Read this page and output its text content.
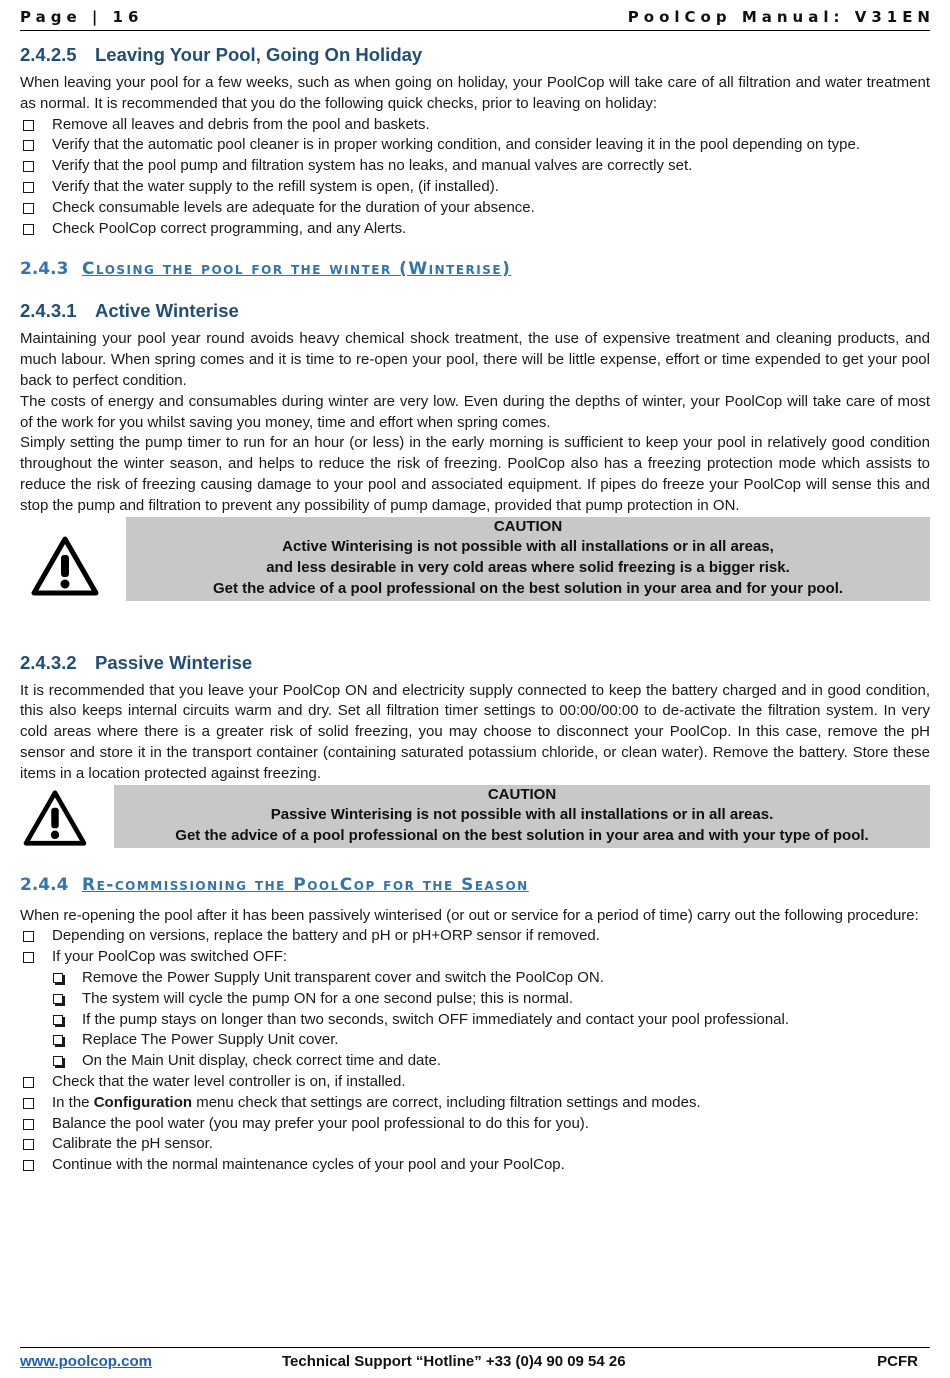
Page | 16	PoolCop Manual: V31EN
2.4.2.5 Leaving Your Pool, Going On Holiday

When leaving your pool for a few weeks, such as when going on holiday, your PoolCop will take care of all filtration and water treatment as normal. It is recommended that you do the following quick checks, prior to leaving on holiday:

Remove all leaves and debris from the pool and baskets.
Verify that the automatic pool cleaner is in proper working condition, and consider leaving it in the pool depending on type.
Verify that the pool pump and filtration system has no leaks, and manual valves are correctly set.
Verify that the water supply to the refill system is open, (if installed).
Check consumable levels are adequate for the duration of your absence.
Check PoolCop correct programming, and any Alerts.
2.4.3 Closing the pool for the winter (Winterise)
2.4.3.1 Active Winterise

Maintaining your pool year round avoids heavy chemical shock treatment, the use of expensive treatment and cleaning products, and much labour. When spring comes and it is time to re-open your pool, there will be little expense, effort or time expended to get your pool back to perfect condition.

The costs of energy and consumables during winter are very low. Even during the depths of winter, your PoolCop will take care of most of the work for you whilst saving you money, time and effort when spring comes.

Simply setting the pump timer to run for an hour (or less) in the early morning is sufficient to keep your pool in relatively good condition throughout the winter season, and helps to reduce the risk of freezing. PoolCop also has a freezing protection mode which assists to reduce the risk of freezing causing damage to your pool and associated equipment. If pipes do freeze your PoolCop will sense this and stop the pump and filtration to prevent any possibility of pump damage, provided that pump protection in ON.

CAUTION
Active Winterising is not possible with all installations or in all areas,
and less desirable in very cold areas where solid freezing is a bigger risk.
Get the advice of a pool professional on the best solution in your area and for your pool.
2.4.3.2 Passive Winterise

It is recommended that you leave your PoolCop ON and electricity supply connected to keep the battery charged and in good condition, this also keeps internal circuits warm and dry. Set all filtration timer settings to 00:00/00:00 to de-activate the filtration system. In very cold areas where there is a greater risk of solid freezing, you may choose to disconnect your PoolCop. In this case, remove the pH sensor and store it in the transport container (containing saturated potassium chloride, or clean water). Remove the battery. Store these items in a location protected against freezing.

CAUTION
Passive Winterising is not possible with all installations or in all areas.
Get the advice of a pool professional on the best solution in your area and with your type of pool.
2.4.4 Re-commissioning the PoolCop for the Season

When re-opening the pool after it has been passively winterised (or out or service for a period of time) carry out the following procedure:

Depending on versions, replace the battery and pH or pH+ORP sensor if removed.
If your PoolCop was switched OFF:
Remove the Power Supply Unit transparent cover and switch the PoolCop ON.
The system will cycle the pump ON for a one second pulse; this is normal.
If the pump stays on longer than two seconds, switch OFF immediately and contact your pool professional.
Replace The Power Supply Unit cover.
On the Main Unit display, check correct time and date.
Check that the water level controller is on, if installed.
In the Configuration menu check that settings are correct, including filtration settings and modes.
Balance the pool water (you may prefer your pool professional to do this for you).
Calibrate the pH sensor.
Continue with the normal maintenance cycles of your pool and your PoolCop.
www.poolcop.com	Technical Support “Hotline” +33 (0)4 90 09 54 26	PCFR
